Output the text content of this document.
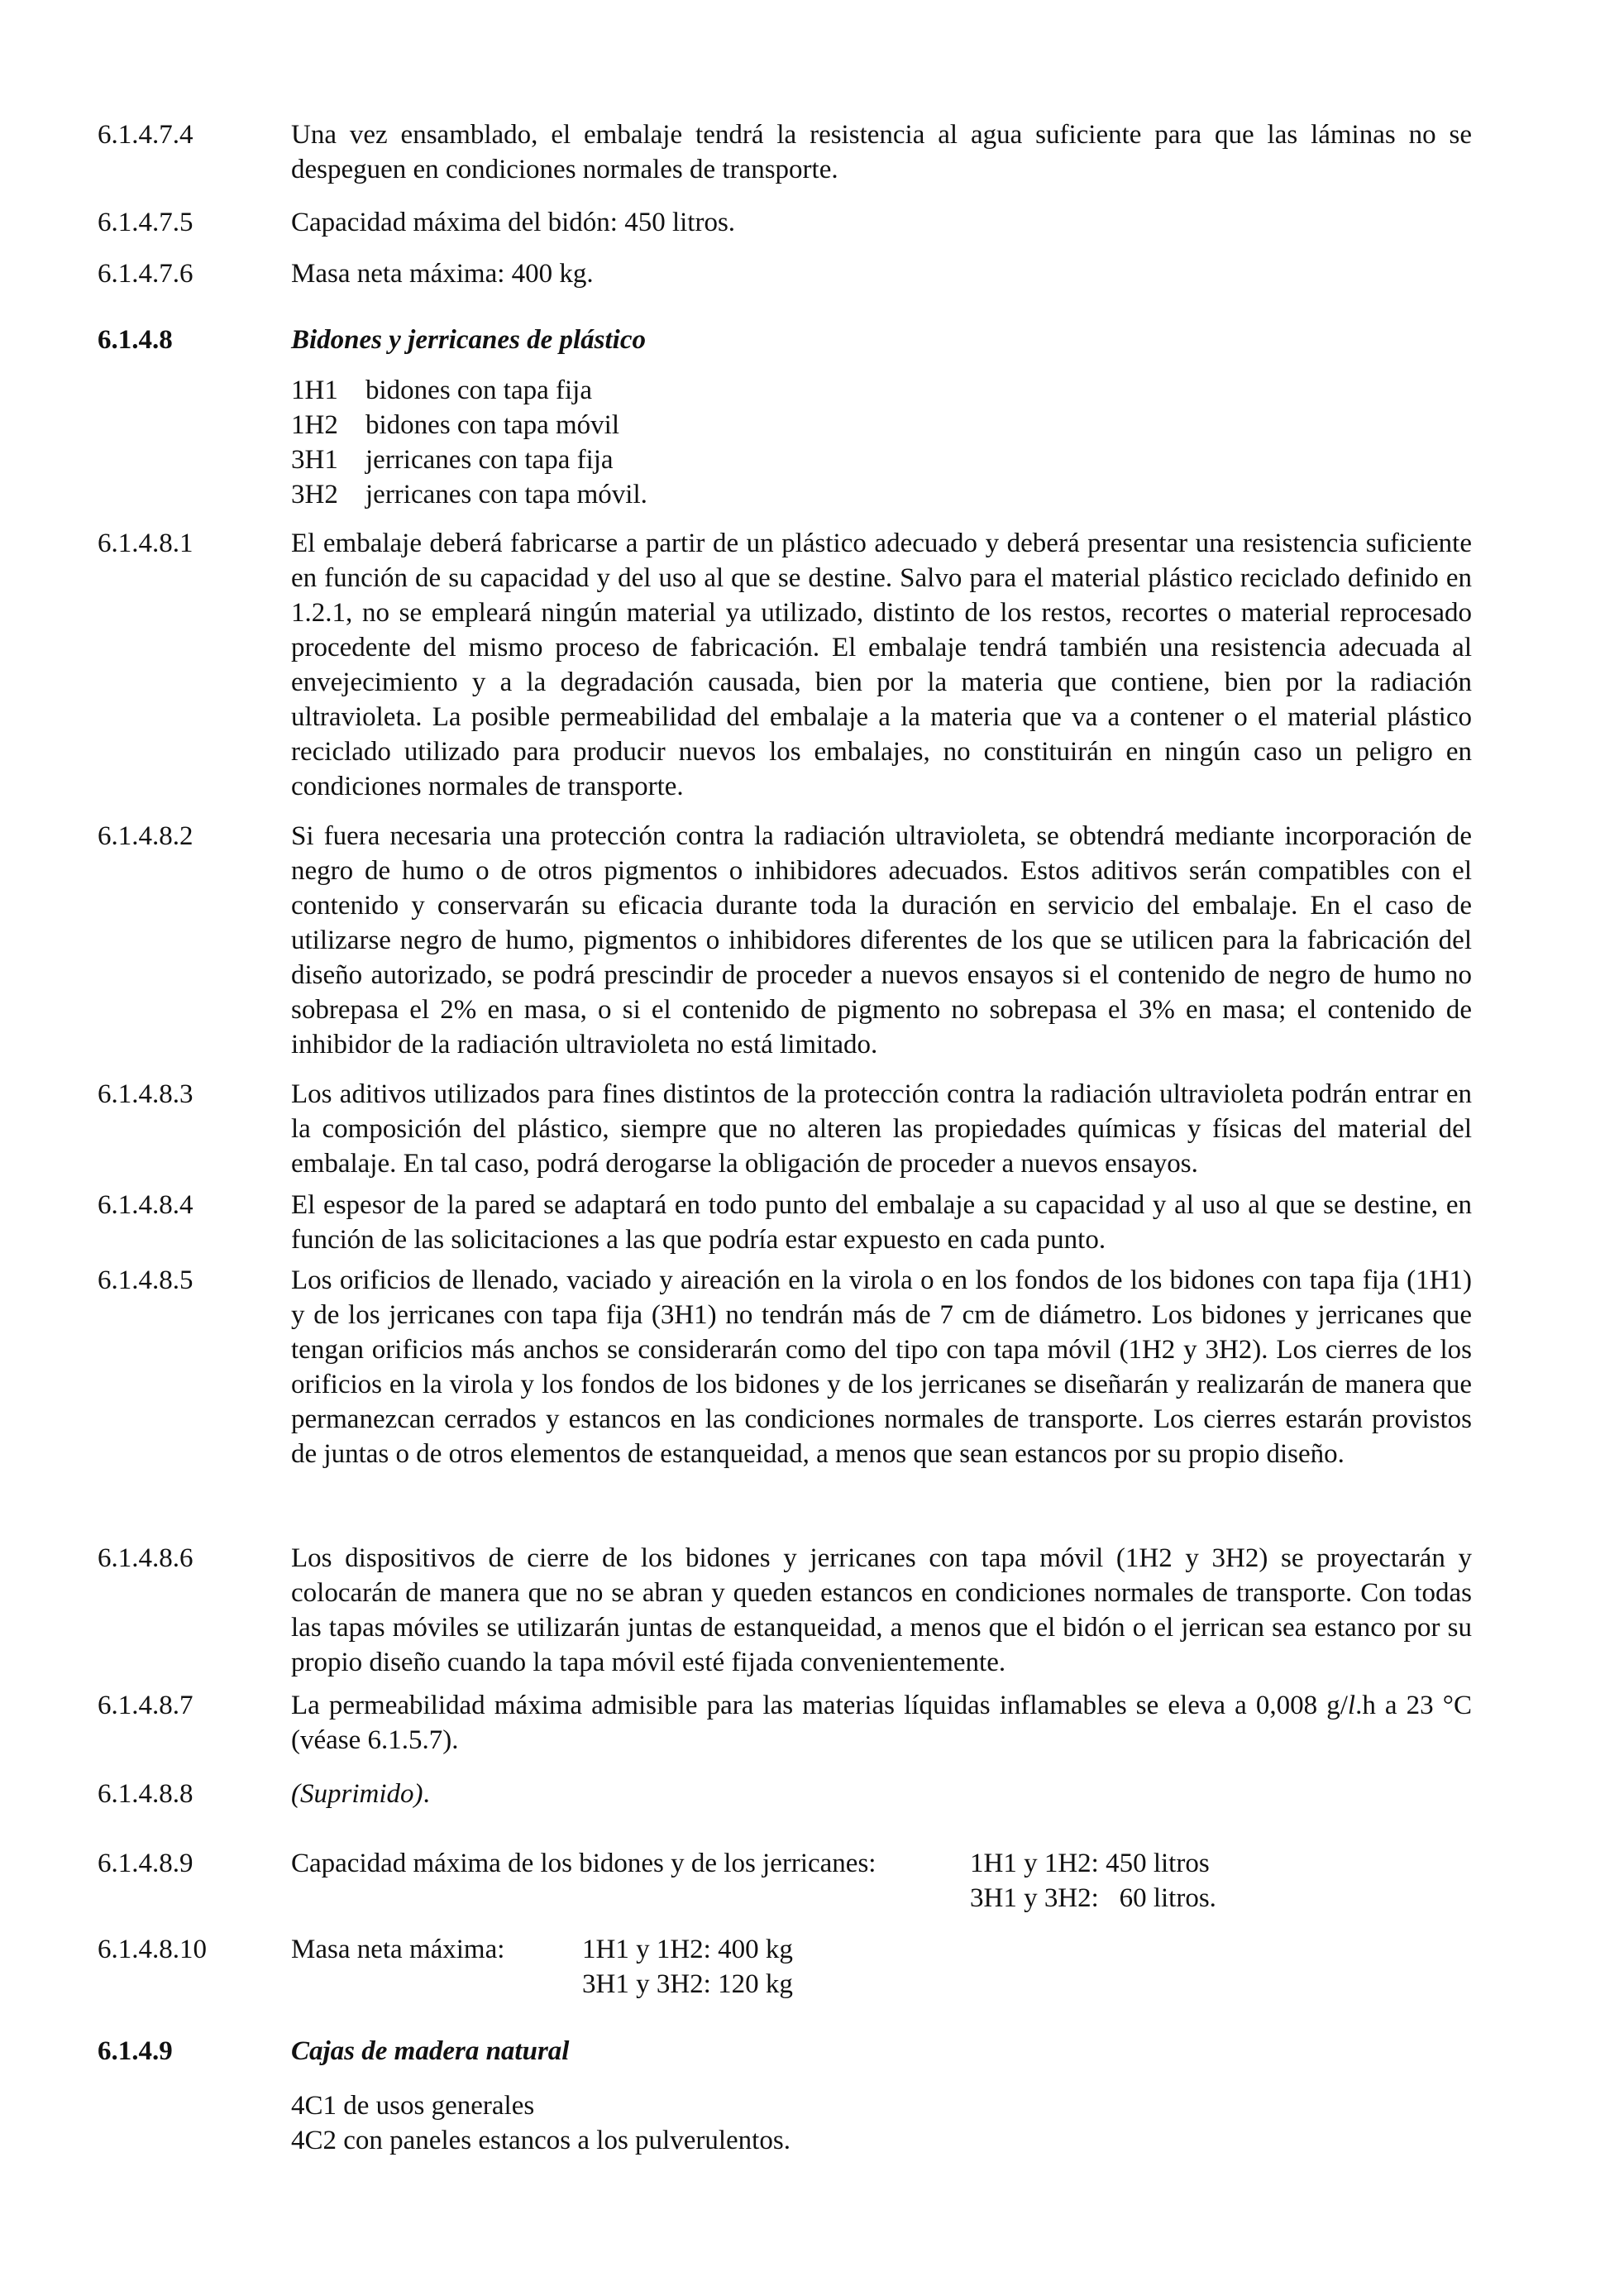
6.1.4.7.4	Una vez ensamblado, el embalaje tendrá la resistencia al agua suficiente para que las láminas no se despeguen en condiciones normales de transporte.
6.1.4.7.5	Capacidad máxima del bidón: 450 litros.
6.1.4.7.6	Masa neta máxima: 400 kg.
6.1.4.8	Bidones y jerricanes de plástico
1H1 bidones con tapa fija
1H2 bidones con tapa móvil
3H1 jerricanes con tapa fija
3H2 jerricanes con tapa móvil.
6.1.4.8.1	El embalaje deberá fabricarse a partir de un plástico adecuado y deberá presentar una resistencia suficiente en función de su capacidad y del uso al que se destine. Salvo para el material plástico reciclado definido en 1.2.1, no se empleará ningún material ya utilizado, distinto de los restos, recortes o material reprocesado procedente del mismo proceso de fabricación. El embalaje tendrá también una resistencia adecuada al envejecimiento y a la degradación causada, bien por la materia que contiene, bien por la radiación ultravioleta. La posible permeabilidad del embalaje a la materia que va a contener o el material plástico reciclado utilizado para producir nuevos los embalajes, no constituirán en ningún caso un peligro en condiciones normales de transporte.
6.1.4.8.2	Si fuera necesaria una protección contra la radiación ultravioleta, se obtendrá mediante incorporación de negro de humo o de otros pigmentos o inhibidores adecuados. Estos aditivos serán compatibles con el contenido y conservarán su eficacia durante toda la duración en servicio del embalaje. En el caso de utilizarse negro de humo, pigmentos o inhibidores diferentes de los que se utilicen para la fabricación del diseño autorizado, se podrá prescindir de proceder a nuevos ensayos si el contenido de negro de humo no sobrepasa el 2% en masa, o si el contenido de pigmento no sobrepasa el 3% en masa; el contenido de inhibidor de la radiación ultravioleta no está limitado.
6.1.4.8.3	Los aditivos utilizados para fines distintos de la protección contra la radiación ultravioleta podrán entrar en la composición del plástico, siempre que no alteren las propiedades químicas y físicas del material del embalaje. En tal caso, podrá derogarse la obligación de proceder a nuevos ensayos.
6.1.4.8.4	El espesor de la pared se adaptará en todo punto del embalaje a su capacidad y al uso al que se destine, en función de las solicitaciones a las que podría estar expuesto en cada punto.
6.1.4.8.5	Los orificios de llenado, vaciado y aireación en la virola o en los fondos de los bidones con tapa fija (1H1) y de los jerricanes con tapa fija (3H1) no tendrán más de 7 cm de diámetro. Los bidones y jerricanes que tengan orificios más anchos se considerarán como del tipo con tapa móvil (1H2 y 3H2). Los cierres de los orificios en la virola y los fondos de los bidones y de los jerricanes se diseñarán y realizarán de manera que permanezcan cerrados y estancos en las condiciones normales de transporte. Los cierres estarán provistos de juntas o de otros elementos de estanqueidad, a menos que sean estancos por su propio diseño.
6.1.4.8.6	Los dispositivos de cierre de los bidones y jerricanes con tapa móvil (1H2 y 3H2) se proyectarán y colocarán de manera que no se abran y queden estancos en condiciones normales de transporte. Con todas las tapas móviles se utilizarán juntas de estanqueidad, a menos que el bidón o el jerrican sea estanco por su propio diseño cuando la tapa móvil esté fijada convenientemente.
6.1.4.8.7	La permeabilidad máxima admisible para las materias líquidas inflamables se eleva a 0,008 g/l.h a 23 °C (véase 6.1.5.7).
6.1.4.8.8	(Suprimido).
6.1.4.8.9	Capacidad máxima de los bidones y de los jerricanes:	1H1 y 1H2: 450 litros
3H1 y 3H2:   60 litros.
6.1.4.8.10	Masa neta máxima:	1H1 y 1H2: 400 kg
3H1 y 3H2: 120 kg
6.1.4.9	Cajas de madera natural
4C1 de usos generales
4C2 con paneles estancos a los pulverulentos.
